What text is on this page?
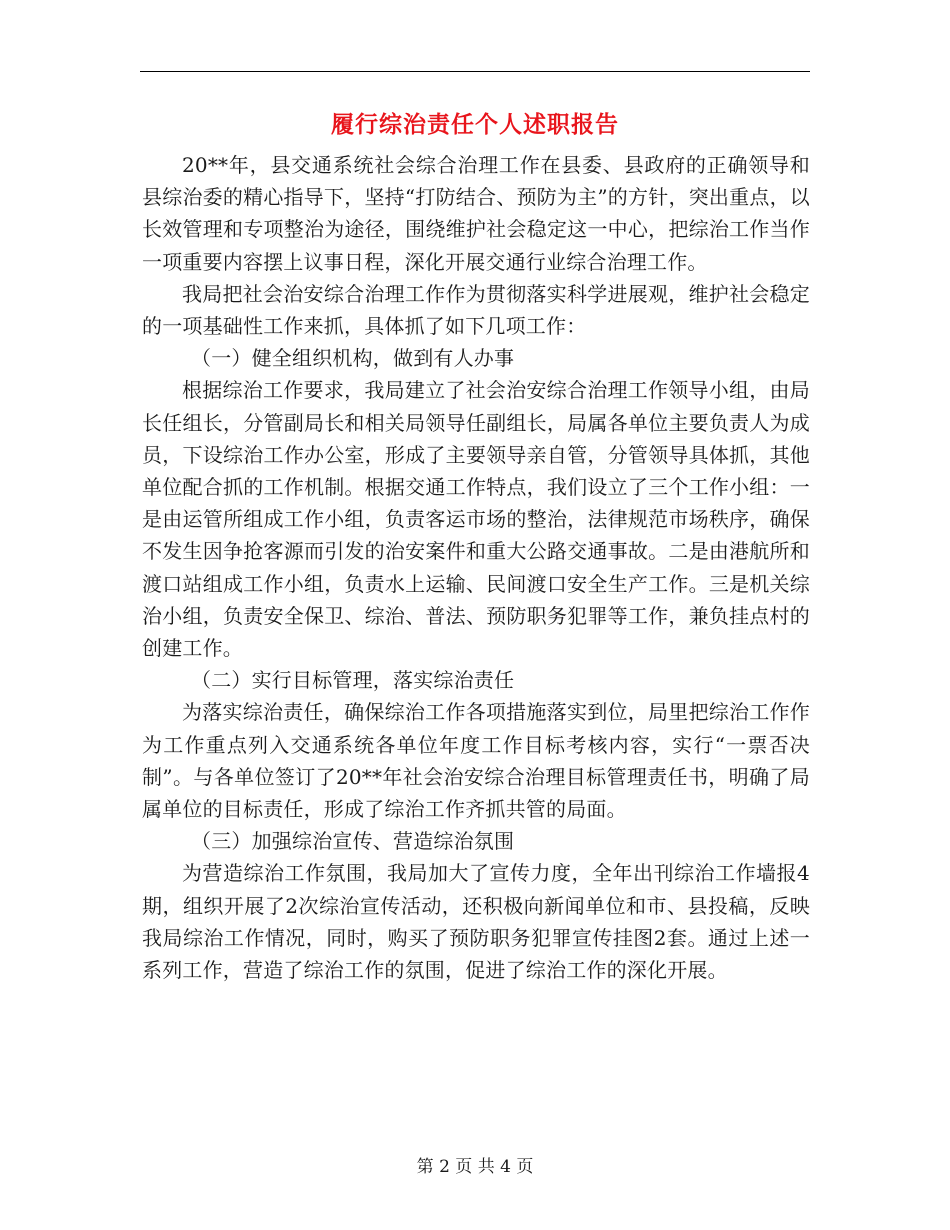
履行综治责任个人述职报告

20**年，县交通系统社会综合治理工作在县委、县政府的正确领导和县综治委的精心指导下，坚持“打防结合、预防为主”的方针，突出重点，以长效管理和专项整治为途径，围绕维护社会稳定这一中心，把综治工作当作一项重要内容摆上议事日程，深化开展交通行业综合治理工作。

我局把社会治安综合治理工作作为贯彻落实科学进展观，维护社会稳定的一项基础性工作来抓，具体抓了如下几项工作：

（一）健全组织机构，做到有人办事

根据综治工作要求，我局建立了社会治安综合治理工作领导小组，由局长任组长，分管副局长和相关局领导任副组长，局属各单位主要负责人为成员，下设综治工作办公室，形成了主要领导亲自管，分管领导具体抓，其他单位配合抓的工作机制。根据交通工作特点，我们设立了三个工作小组：一是由运管所组成工作小组，负责客运市场的整治，法律规范市场秩序，确保不发生因争抢客源而引发的治安案件和重大公路交通事故。二是由港航所和渡口站组成工作小组，负责水上运输、民间渡口安全生产工作。三是机关综治小组，负责安全保卫、综治、普法、预防职务犯罪等工作，兼负挂点村的创建工作。

（二）实行目标管理，落实综治责任

为落实综治责任，确保综治工作各项措施落实到位，局里把综治工作作为工作重点列入交通系统各单位年度工作目标考核内容，实行“一票否决制”。与各单位签订了20**年社会治安综合治理目标管理责任书，明确了局属单位的目标责任，形成了综治工作齐抓共管的局面。

（三）加强综治宣传、营造综治氛围

为营造综治工作氛围，我局加大了宣传力度，全年出刊综治工作墙报4期，组织开展了2次综治宣传活动，还积极向新闻单位和市、县投稿，反映我局综治工作情况，同时，购买了预防职务犯罪宣传挂图2套。通过上述一系列工作，营造了综治工作的氛围，促进了综治工作的深化开展。

第 2 页 共 4 页
